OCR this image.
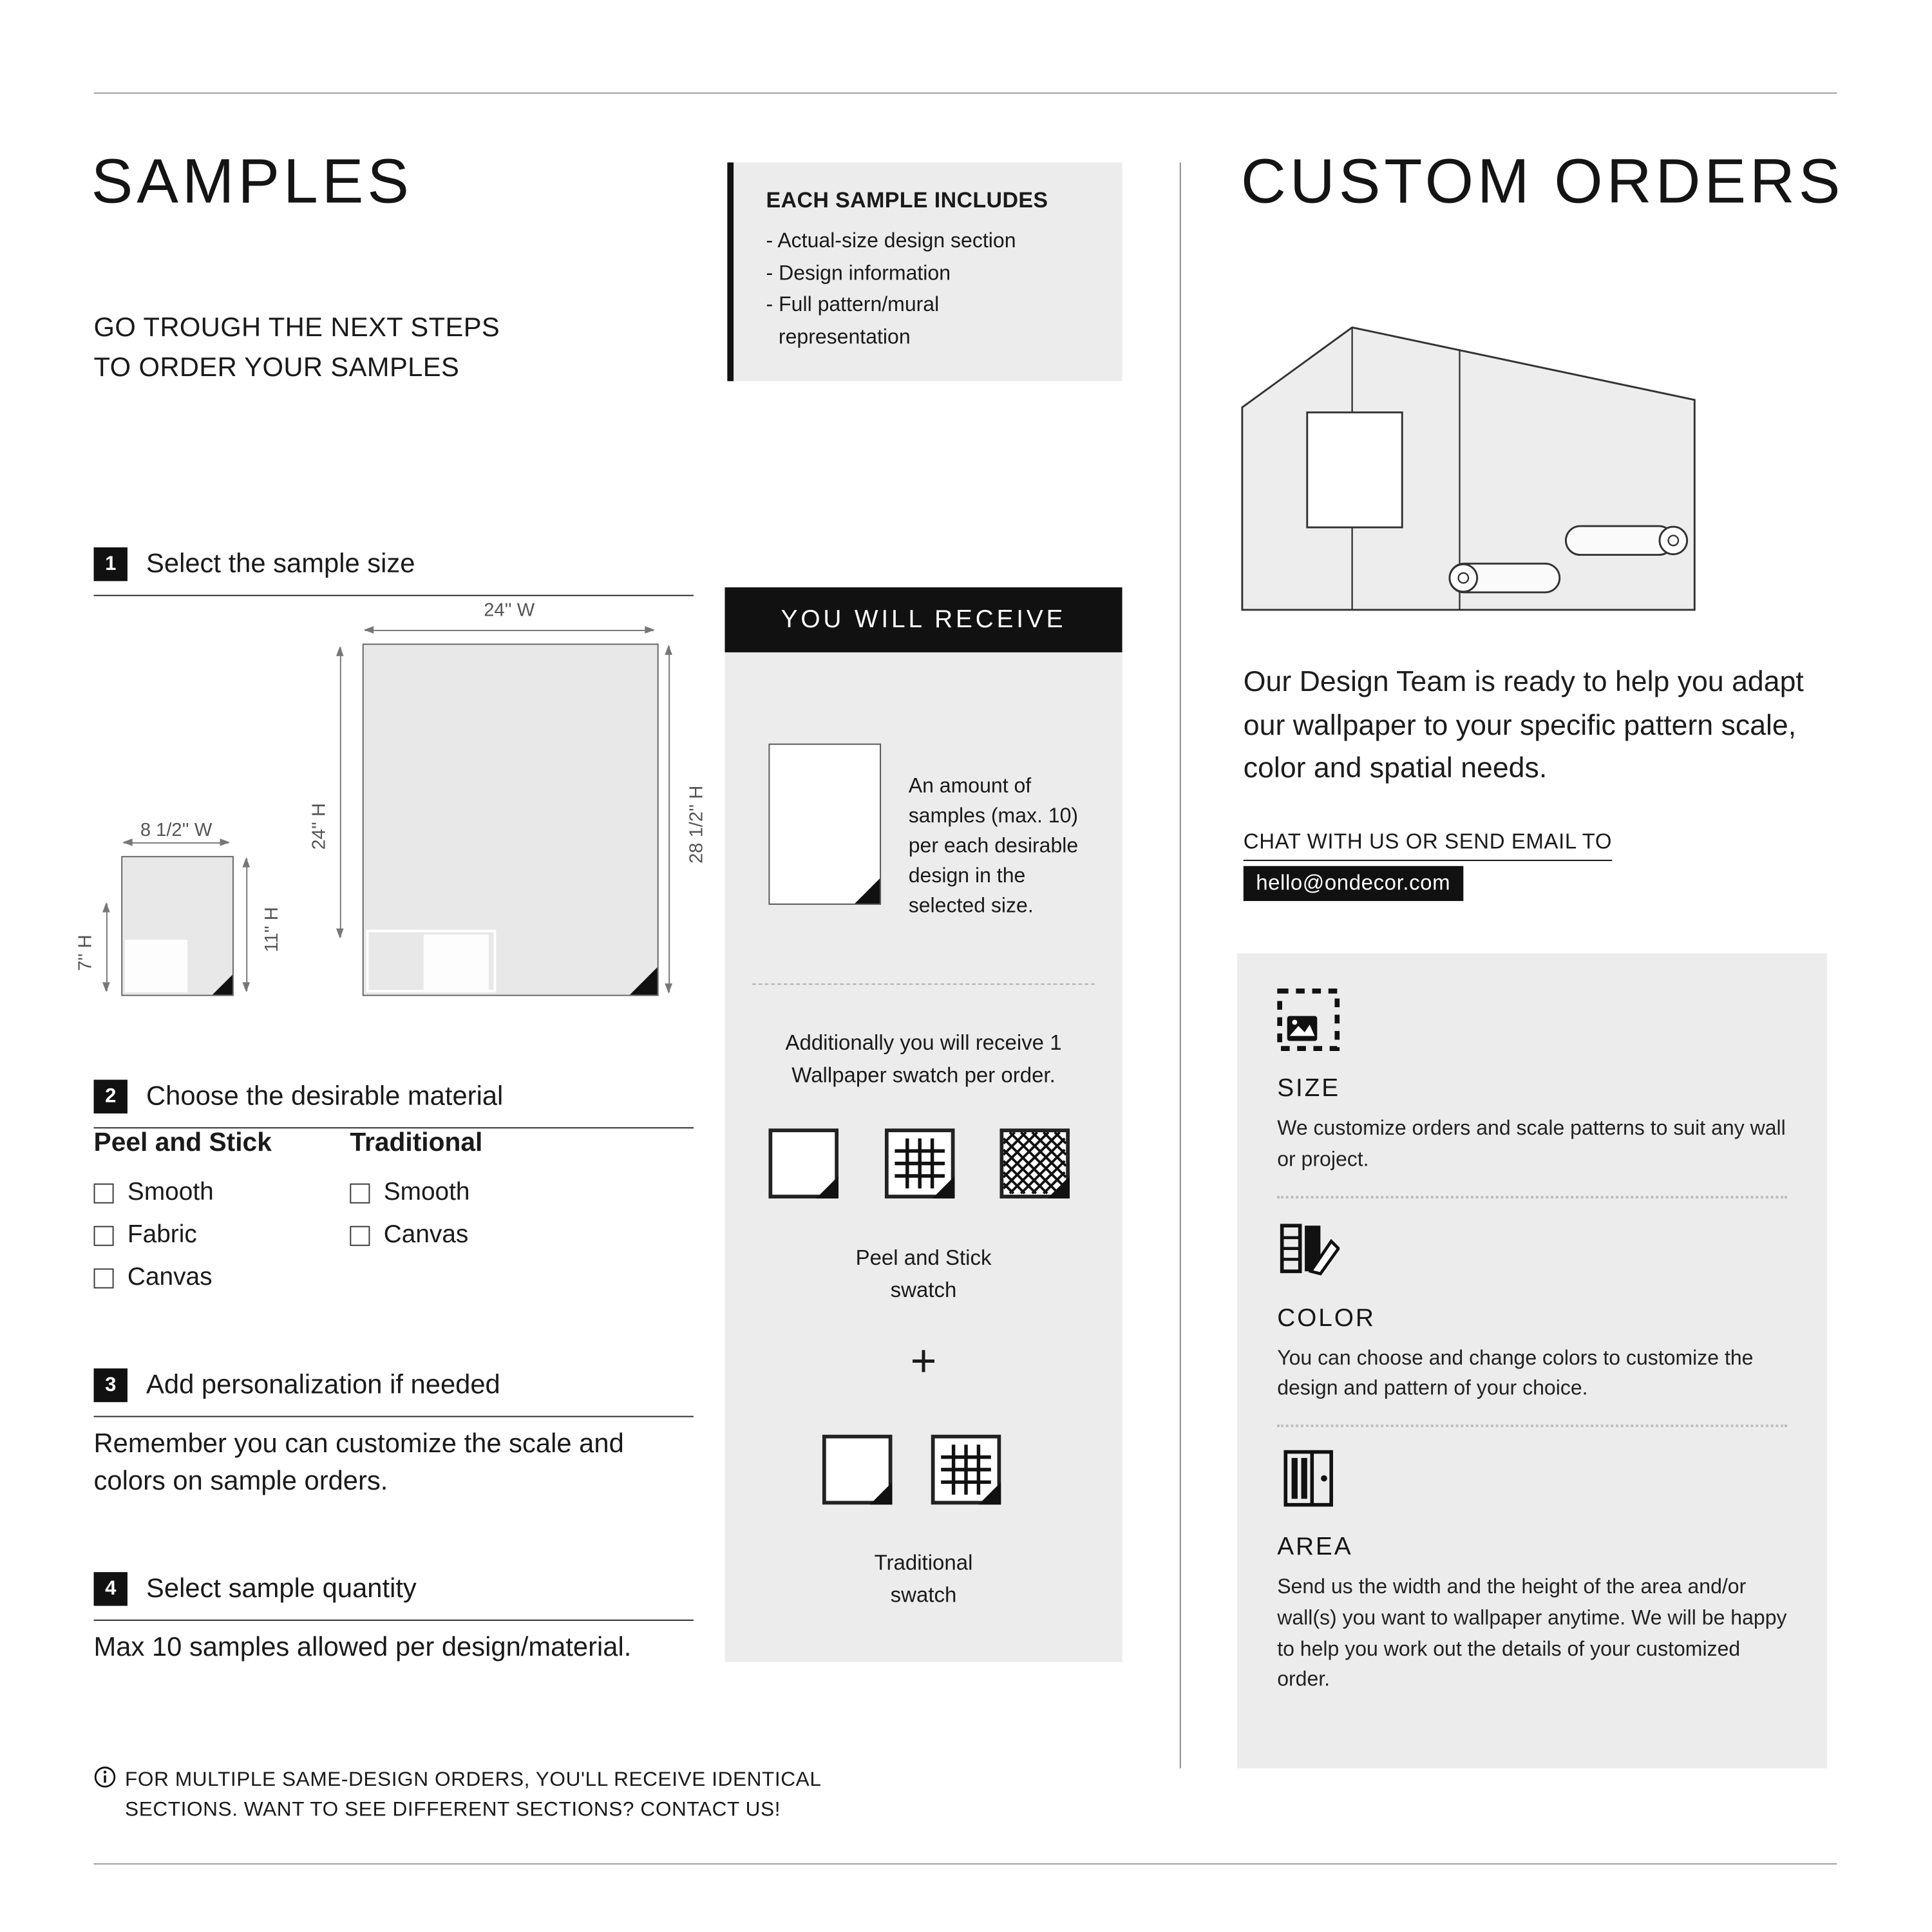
SAMPLES
GO TROUGH THE NEXT STEPS
TO ORDER YOUR SAMPLES
1	Select the sample size
24'' W
24'' H	28 1/2'' H
8 1/2'' W
7'' H
11'' H
2	Choose the desirable material
Peel and Stick
Smooth
Fabric
Canvas
Traditional
Smooth
Canvas
3	Add personalization if needed
Remember you can customize the scale and colors on sample orders.
4	Select sample quantity
Max 10 samples allowed per design/material.
FOR MULTIPLE SAME-DESIGN ORDERS, YOU'LL RECEIVE IDENTICAL SECTIONS. WANT TO SEE DIFFERENT SECTIONS? CONTACT US!
EACH SAMPLE INCLUDES
- Actual-size design section
- Design information
- Full pattern/mural representation
YOU WILL RECEIVE
An amount of samples (max. 10) per each desirable design in the selected size.
Additionally you will receive 1 Wallpaper swatch per order.
Peel and Stick
swatch
+
Traditional
swatch
CUSTOM ORDERS
Our Design Team is ready to help you adapt our wallpaper to your specific pattern scale, color and spatial needs.
CHAT WITH US OR SEND EMAIL TO
hello@ondecor.com
SIZE

We customize orders and scale patterns to suit any wall or project.

COLOR

You can choose and change colors to customize the design and pattern of your choice.

AREA

Send us the width and the height of the area and/or wall(s) you want to wallpaper anytime. We will be happy to help you work out the details of your customized order.
